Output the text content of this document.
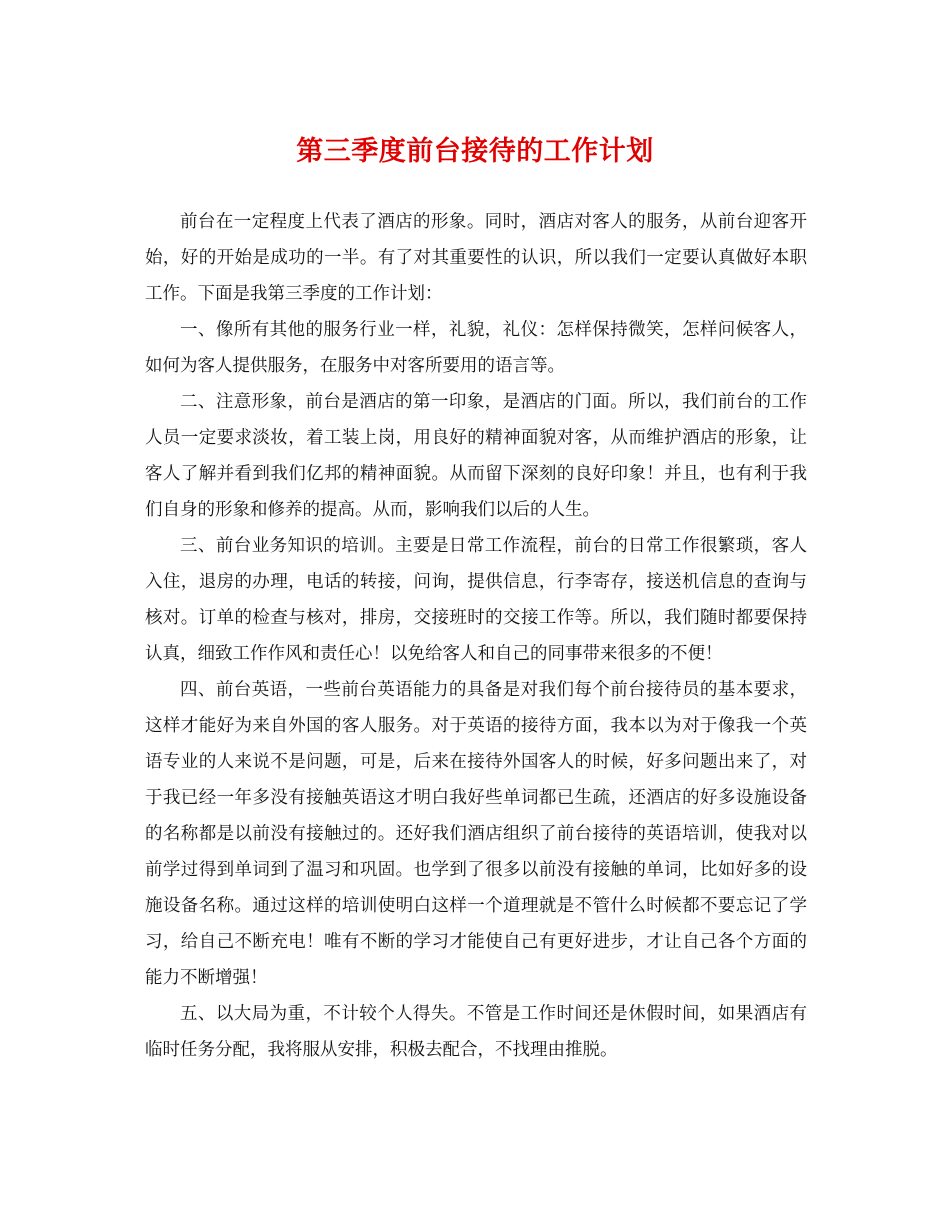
第三季度前台接待的工作计划

前台在一定程度上代表了酒店的形象。同时，酒店对客人的服务，从前台迎客开始，好的开始是成功的一半。有了对其重要性的认识，所以我们一定要认真做好本职工作。下面是我第三季度的工作计划：

一、像所有其他的服务行业一样，礼貌，礼仪：怎样保持微笑，怎样问候客人，如何为客人提供服务，在服务中对客所要用的语言等。

二、注意形象，前台是酒店的第一印象，是酒店的门面。所以，我们前台的工作人员一定要求淡妆，着工装上岗，用良好的精神面貌对客，从而维护酒店的形象，让客人了解并看到我们亿邦的精神面貌。从而留下深刻的良好印象！并且，也有利于我们自身的形象和修养的提高。从而，影响我们以后的人生。

三、前台业务知识的培训。主要是日常工作流程，前台的日常工作很繁琐，客人入住，退房的办理，电话的转接，问询，提供信息，行李寄存，接送机信息的查询与核对。订单的检查与核对，排房，交接班时的交接工作等。所以，我们随时都要保持认真，细致工作作风和责任心！以免给客人和自己的同事带来很多的不便！

四、前台英语，一些前台英语能力的具备是对我们每个前台接待员的基本要求，这样才能好为来自外国的客人服务。对于英语的接待方面，我本以为对于像我一个英语专业的人来说不是问题，可是，后来在接待外国客人的时候，好多问题出来了，对于我已经一年多没有接触英语这才明白我好些单词都已生疏，还酒店的好多设施设备的名称都是以前没有接触过的。还好我们酒店组织了前台接待的英语培训，使我对以前学过得到单词到了温习和巩固。也学到了很多以前没有接触的单词，比如好多的设施设备名称。通过这样的培训使明白这样一个道理就是不管什么时候都不要忘记了学习，给自己不断充电！唯有不断的学习才能使自己有更好进步，才让自己各个方面的能力不断增强！

五、以大局为重，不计较个人得失。不管是工作时间还是休假时间，如果酒店有临时任务分配，我将服从安排，积极去配合，不找理由推脱。
